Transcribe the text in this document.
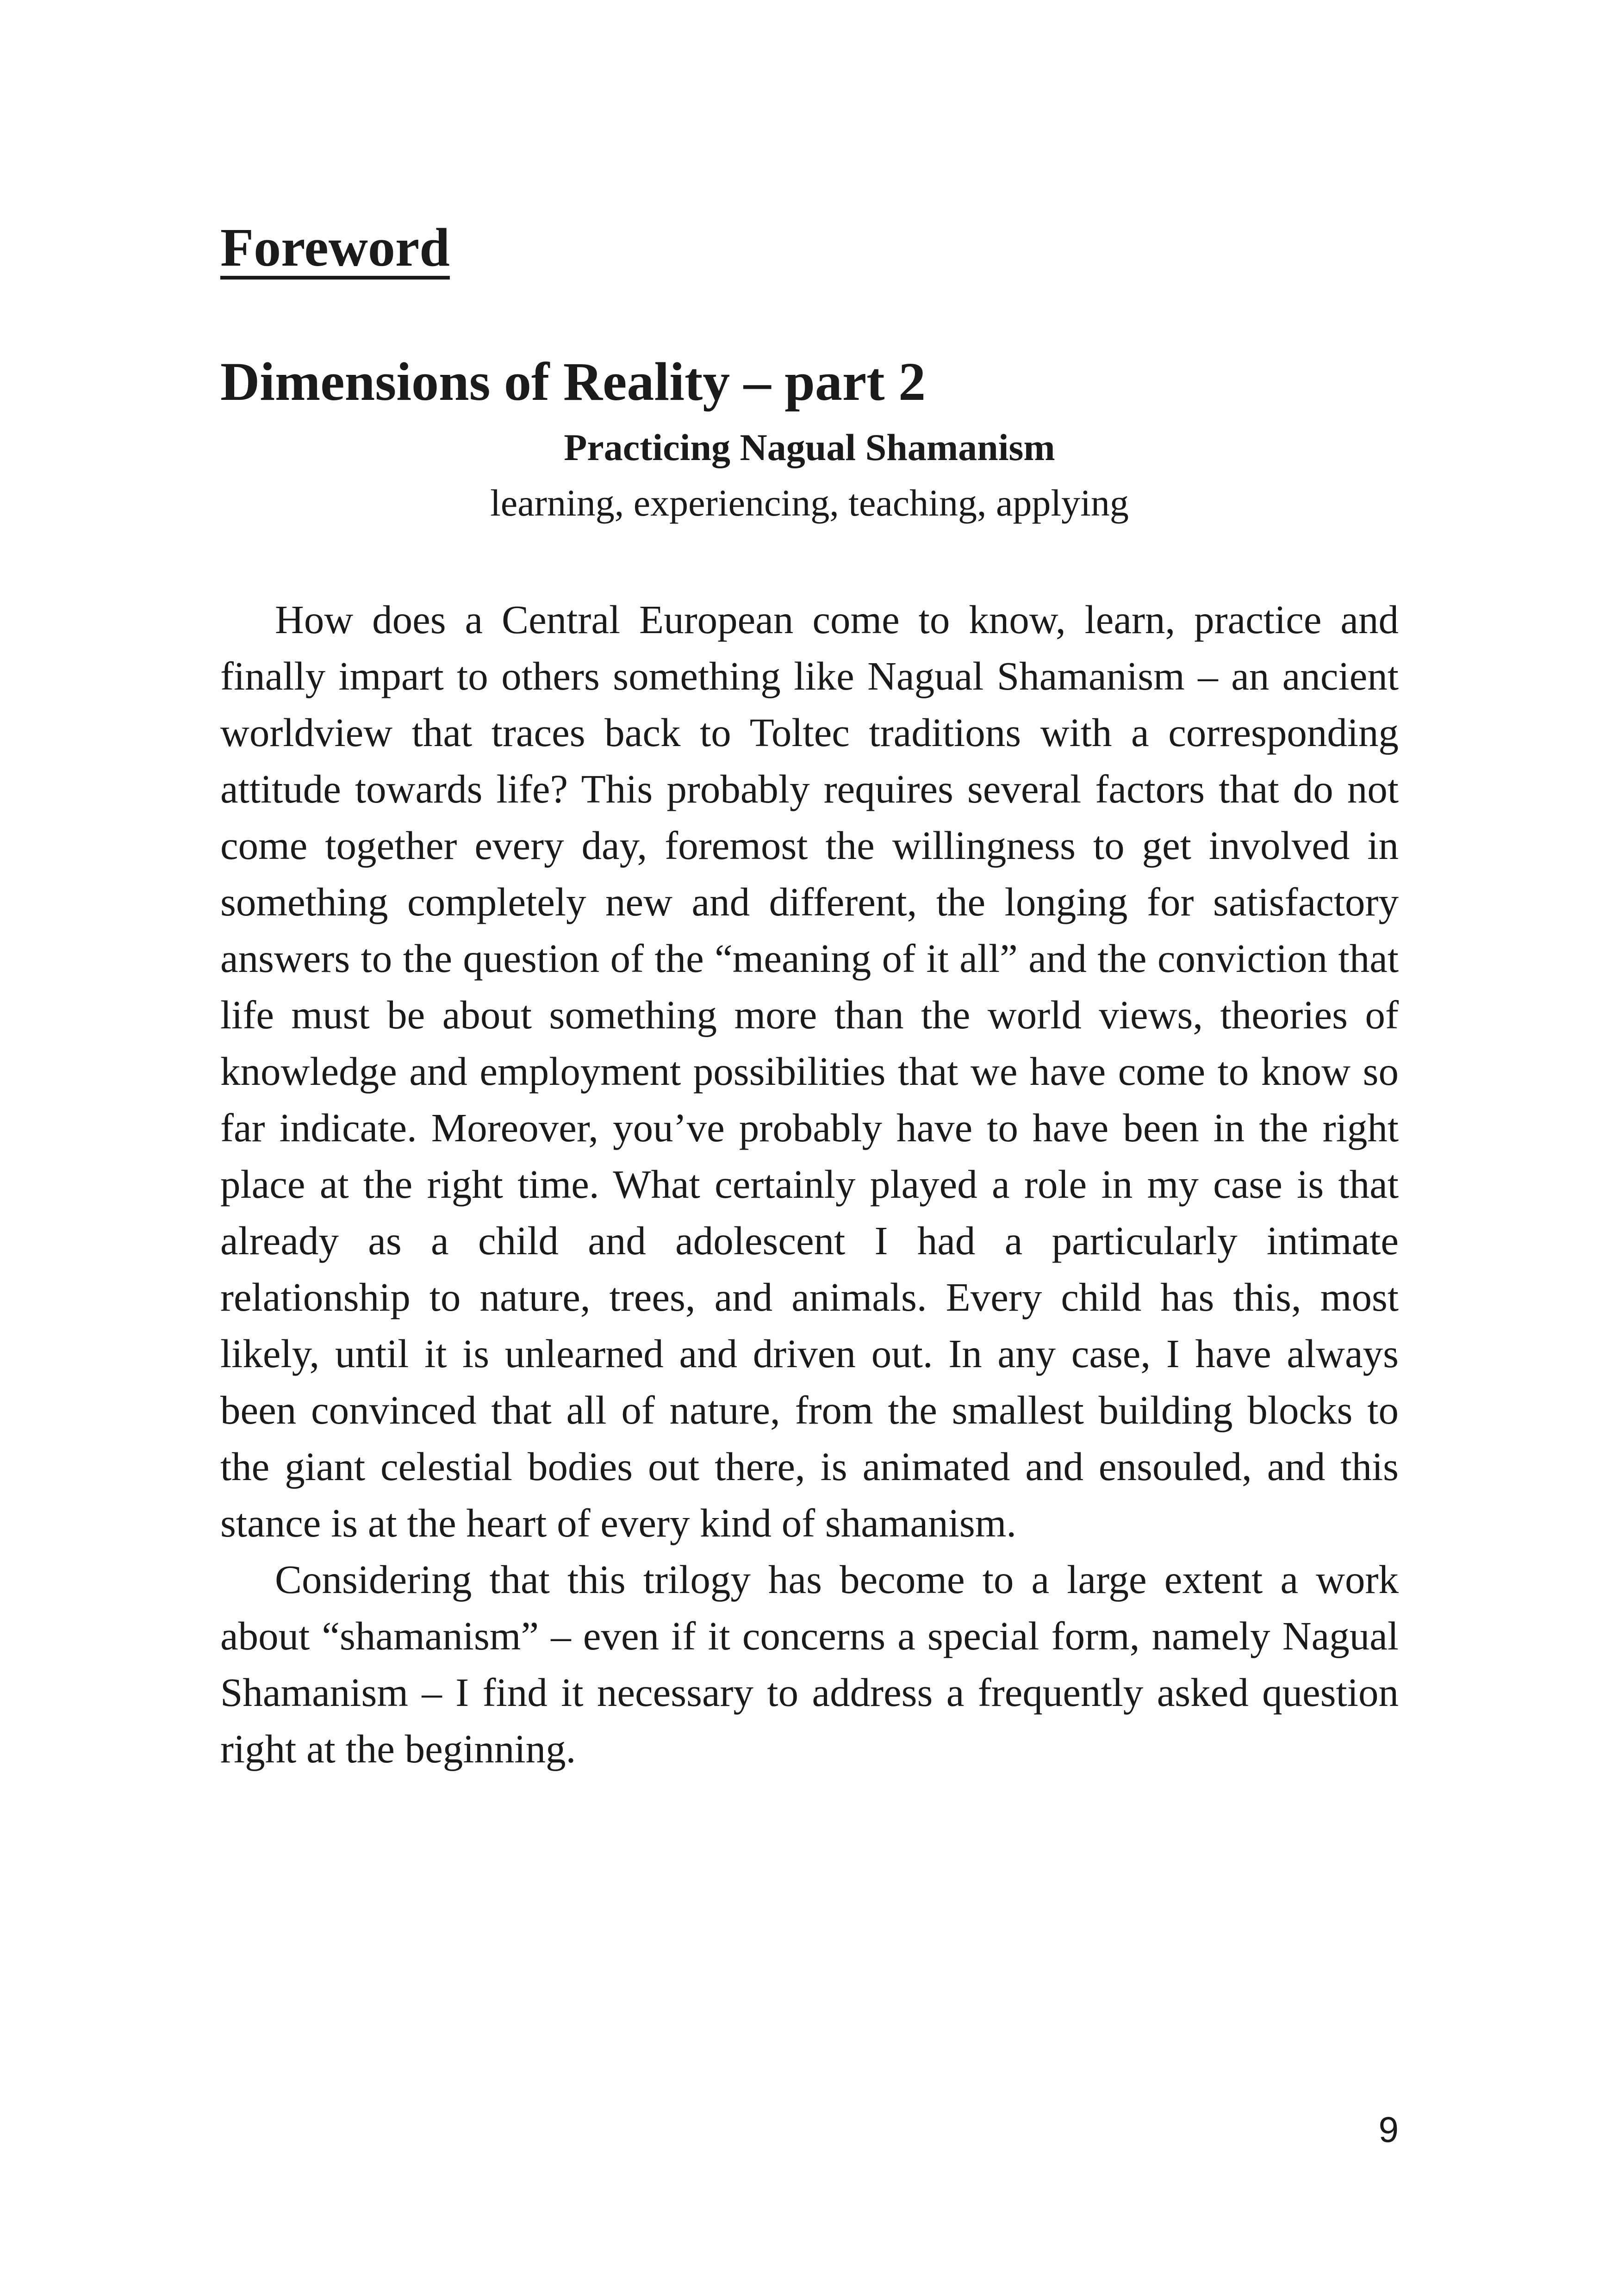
Foreword
Dimensions of Reality – part 2

Practicing Nagual Shamanism

learning, experiencing, teaching, applying

How does a Central European come to know, learn, practice and finally impart to others something like Nagual Shamanism – an ancient worldview that traces back to Toltec traditions with a corresponding attitude towards life? This probably requires several factors that do not come together every day, foremost the willingness to get involved in something completely new and different, the longing for satisfactory answers to the question of the “meaning of it all” and the conviction that life must be about something more than the world views, theories of knowledge and employment possibilities that we have come to know so far indicate. Moreover, you’ve probably have to have been in the right place at the right time. What certainly played a role in my case is that already as a child and adolescent I had a particularly intimate relationship to nature, trees, and animals. Every child has this, most likely, until it is unlearned and driven out. In any case, I have always been convinced that all of nature, from the smallest building blocks to the giant celestial bodies out there, is animated and ensouled, and this stance is at the heart of every kind of shamanism.

Considering that this trilogy has become to a large extent a work about “shamanism” – even if it concerns a special form, namely Nagual Shamanism – I find it necessary to address a frequently asked question right at the beginning.

9
